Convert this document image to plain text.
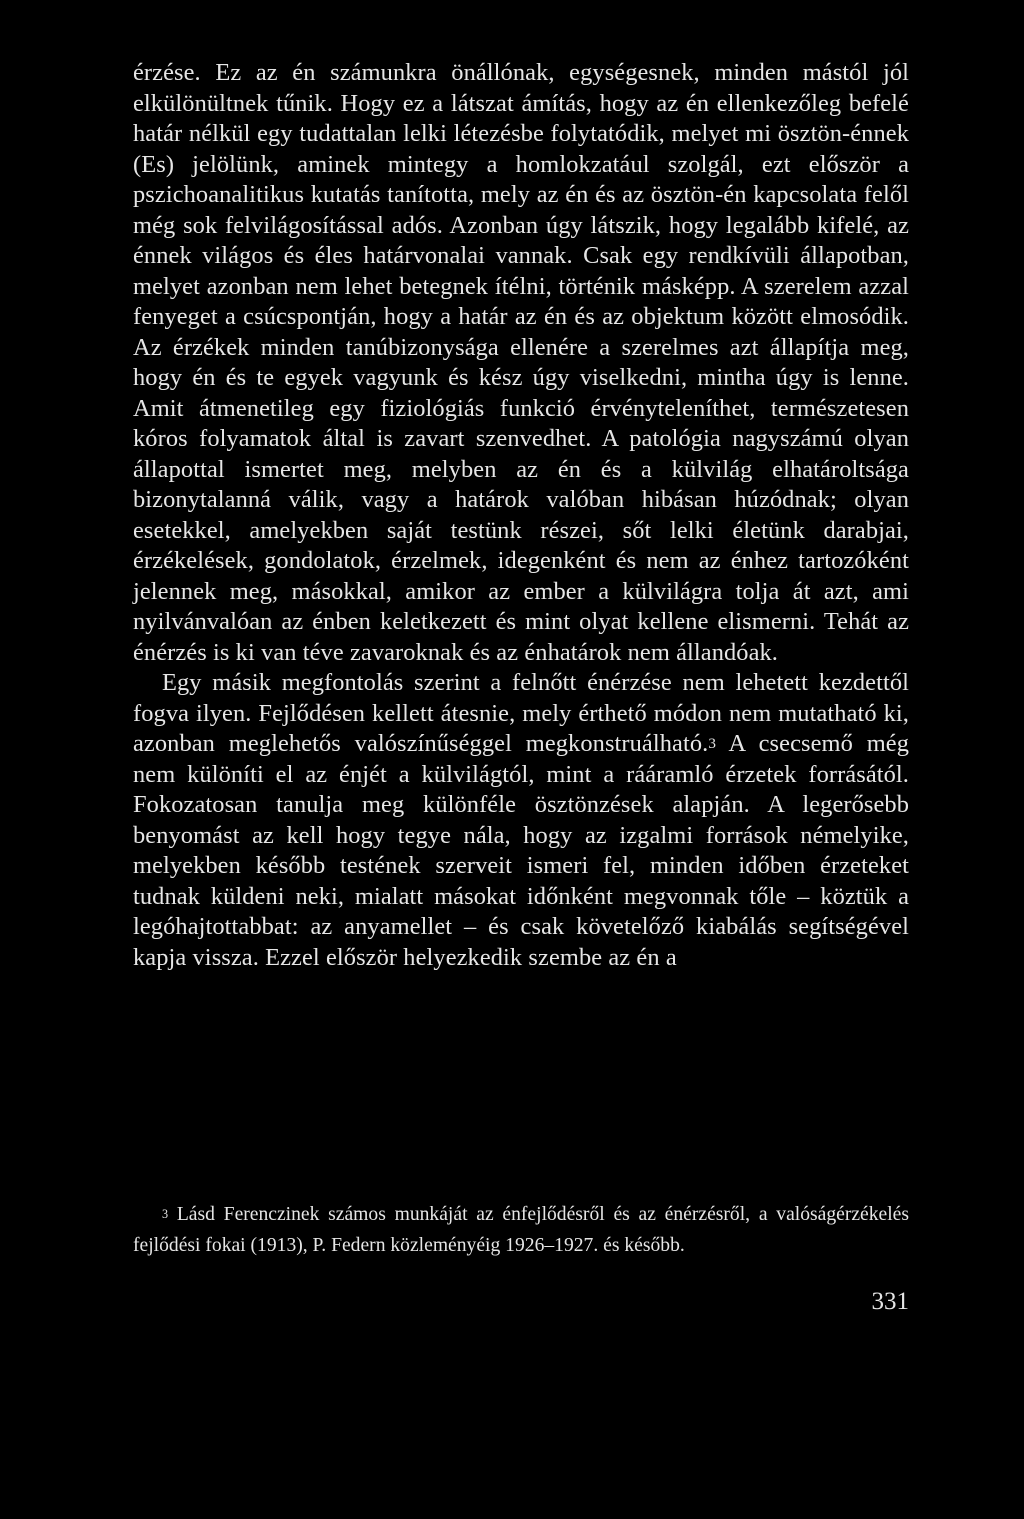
érzése. Ez az én számunkra önállónak, egységesnek, minden mástól jól elkülönültnek tűnik. Hogy ez a látszat ámítás, hogy az én ellenkezőleg befelé határ nélkül egy tudattalan lelki létezésbe folytatódik, melyet mi ösztön-énnek (Es) jelölünk, aminek mintegy a homlokzatául szolgál, ezt először a pszichoanalitikus kutatás tanította, mely az én és az ösztön-én kapcsolata felől még sok felvilágosítással adós. Azonban úgy látszik, hogy legalább kifelé, az énnek világos és éles határvonalai vannak. Csak egy rendkívüli állapotban, melyet azonban nem lehet betegnek ítélni, történik másképp. A szerelem azzal fenyeget a csúcspontján, hogy a határ az én és az objektum között elmosódik. Az érzékek minden tanúbizonysága ellenére a szerelmes azt állapítja meg, hogy én és te egyek vagyunk és kész úgy viselkedni, mintha úgy is lenne. Amit átmenetileg egy fiziológiás funkció érvényteleníthet, természetesen kóros folyamatok által is zavart szenvedhet. A patológia nagyszámú olyan állapottal ismertet meg, melyben az én és a külvilág elhatároltsága bizonytalanná válik, vagy a határok valóban hibásan húzódnak; olyan esetekkel, amelyekben saját testünk részei, sőt lelki életünk darabjai, érzékelések, gondolatok, érzelmek, idegenként és nem az énhez tartozóként jelennek meg, másokkal, amikor az ember a külvilágra tolja át azt, ami nyilvánvalóan az énben keletkezett és mint olyat kellene elismerni. Tehát az énérzés is ki van téve zavaroknak és az énhatárok nem állandóak.

Egy másik megfontolás szerint a felnőtt énérzése nem lehetett kezdettől fogva ilyen. Fejlődésen kellett átesnie, mely érthető módon nem mutatható ki, azonban meglehetős valószínűséggel megkonstruálható.$^3$ A csecsemő még nem különíti el az énjét a külvilágtól, mint a rááramló érzetek forrásától. Fokozatosan tanulja meg különféle ösztönzések alapján. A legerősebb benyomást az kell hogy tegye nála, hogy az izgalmi források némelyike, melyekben később testének szerveit ismeri fel, minden időben érzeteket tudnak küldeni neki, mialatt másokat időnként megvonnak tőle – köztük a legóhajtottabbat: az anyamellet – és csak követelőző kiabálás segítségével kapja vissza. Ezzel először helyezkedik szembe az én a

$^3$ Lásd Ferenczinek számos munkáját az énfejlődésről és az énérzésről, a valóságérzékelés fejlődési fokai (1913), P. Federn közleményéig 1926–1927. és később.

331
